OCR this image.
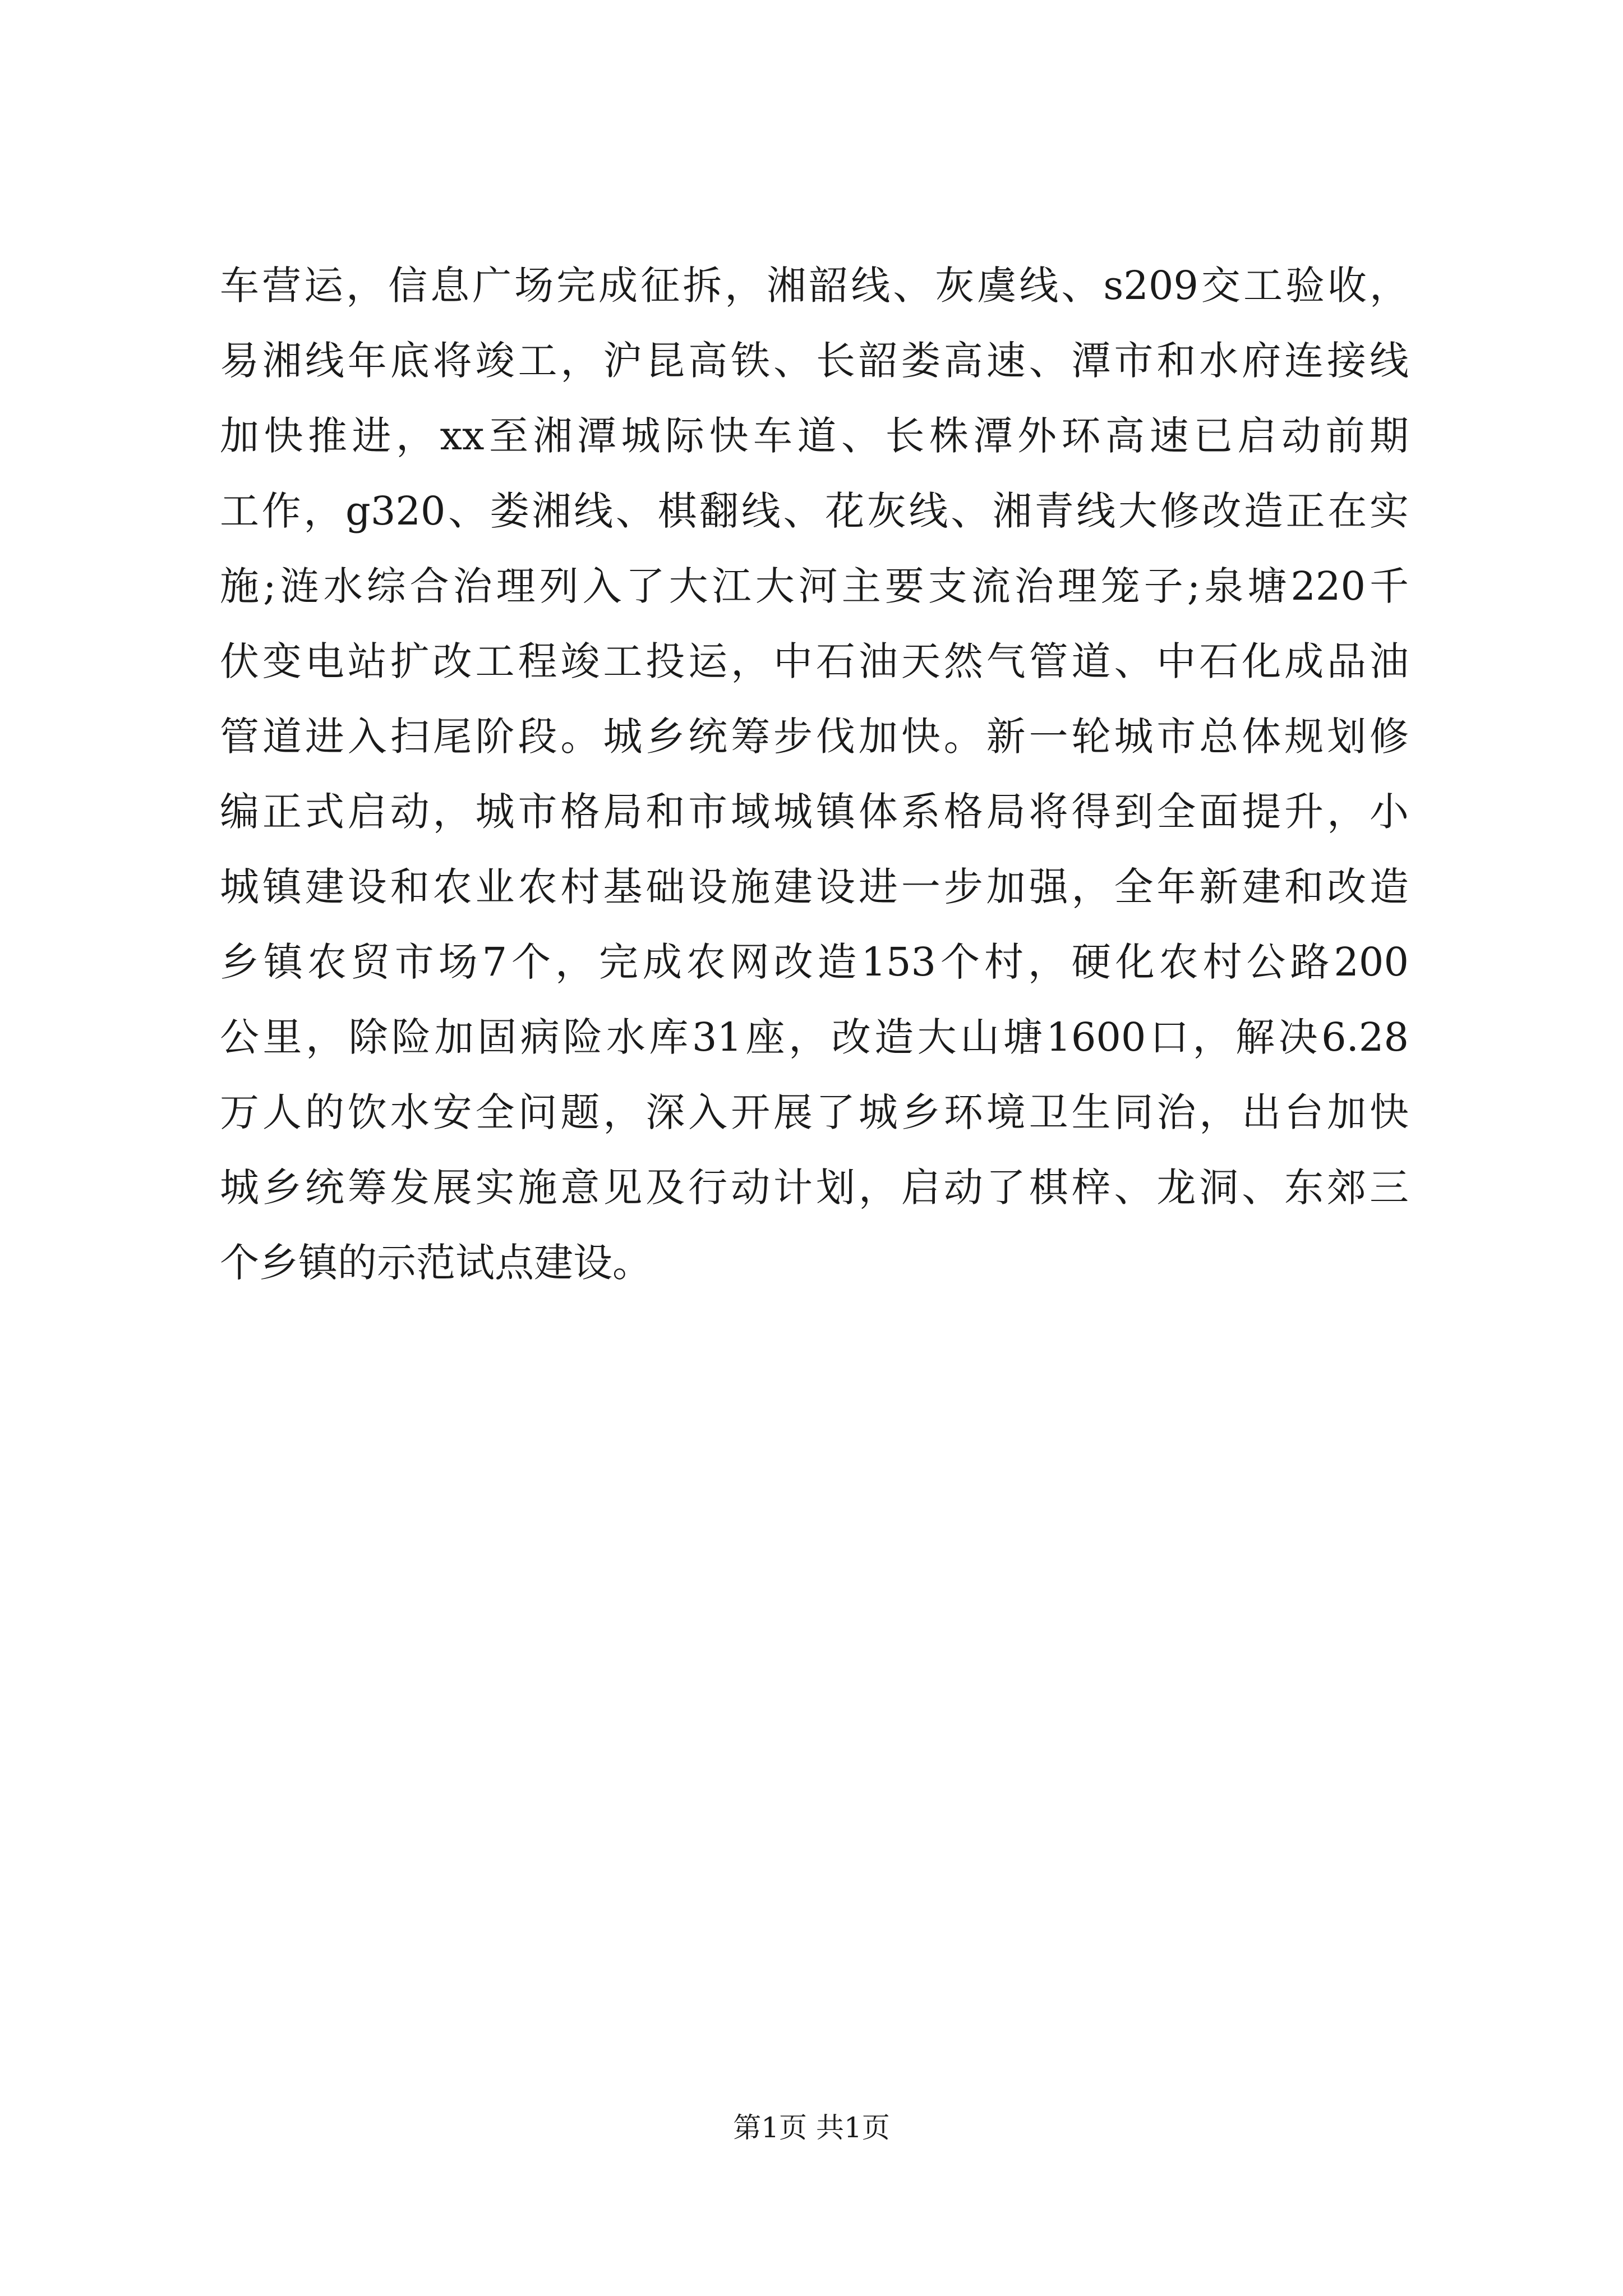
车营运，信息广场完成征拆，湘韶线、灰虞线、s209交工验收，
易湘线年底将竣工，沪昆高铁、长韶娄高速、潭市和水府连接线
加快推进，xx至湘潭城际快车道、长株潭外环高速已启动前期
工作，g320、娄湘线、棋翻线、花灰线、湘青线大修改造正在实
施;涟水综合治理列入了大江大河主要支流治理笼子;泉塘220千
伏变电站扩改工程竣工投运，中石油天然气管道、中石化成品油
管道进入扫尾阶段。城乡统筹步伐加快。新一轮城市总体规划修
编正式启动，城市格局和市域城镇体系格局将得到全面提升，小
城镇建设和农业农村基础设施建设进一步加强，全年新建和改造
乡镇农贸市场7个，完成农网改造153个村，硬化农村公路200
公里，除险加固病险水库31座，改造大山塘1600口，解决6.28
万人的饮水安全问题，深入开展了城乡环境卫生同治，出台加快
城乡统筹发展实施意见及行动计划，启动了棋梓、龙洞、东郊三
个乡镇的示范试点建设。
第1页 共1页
